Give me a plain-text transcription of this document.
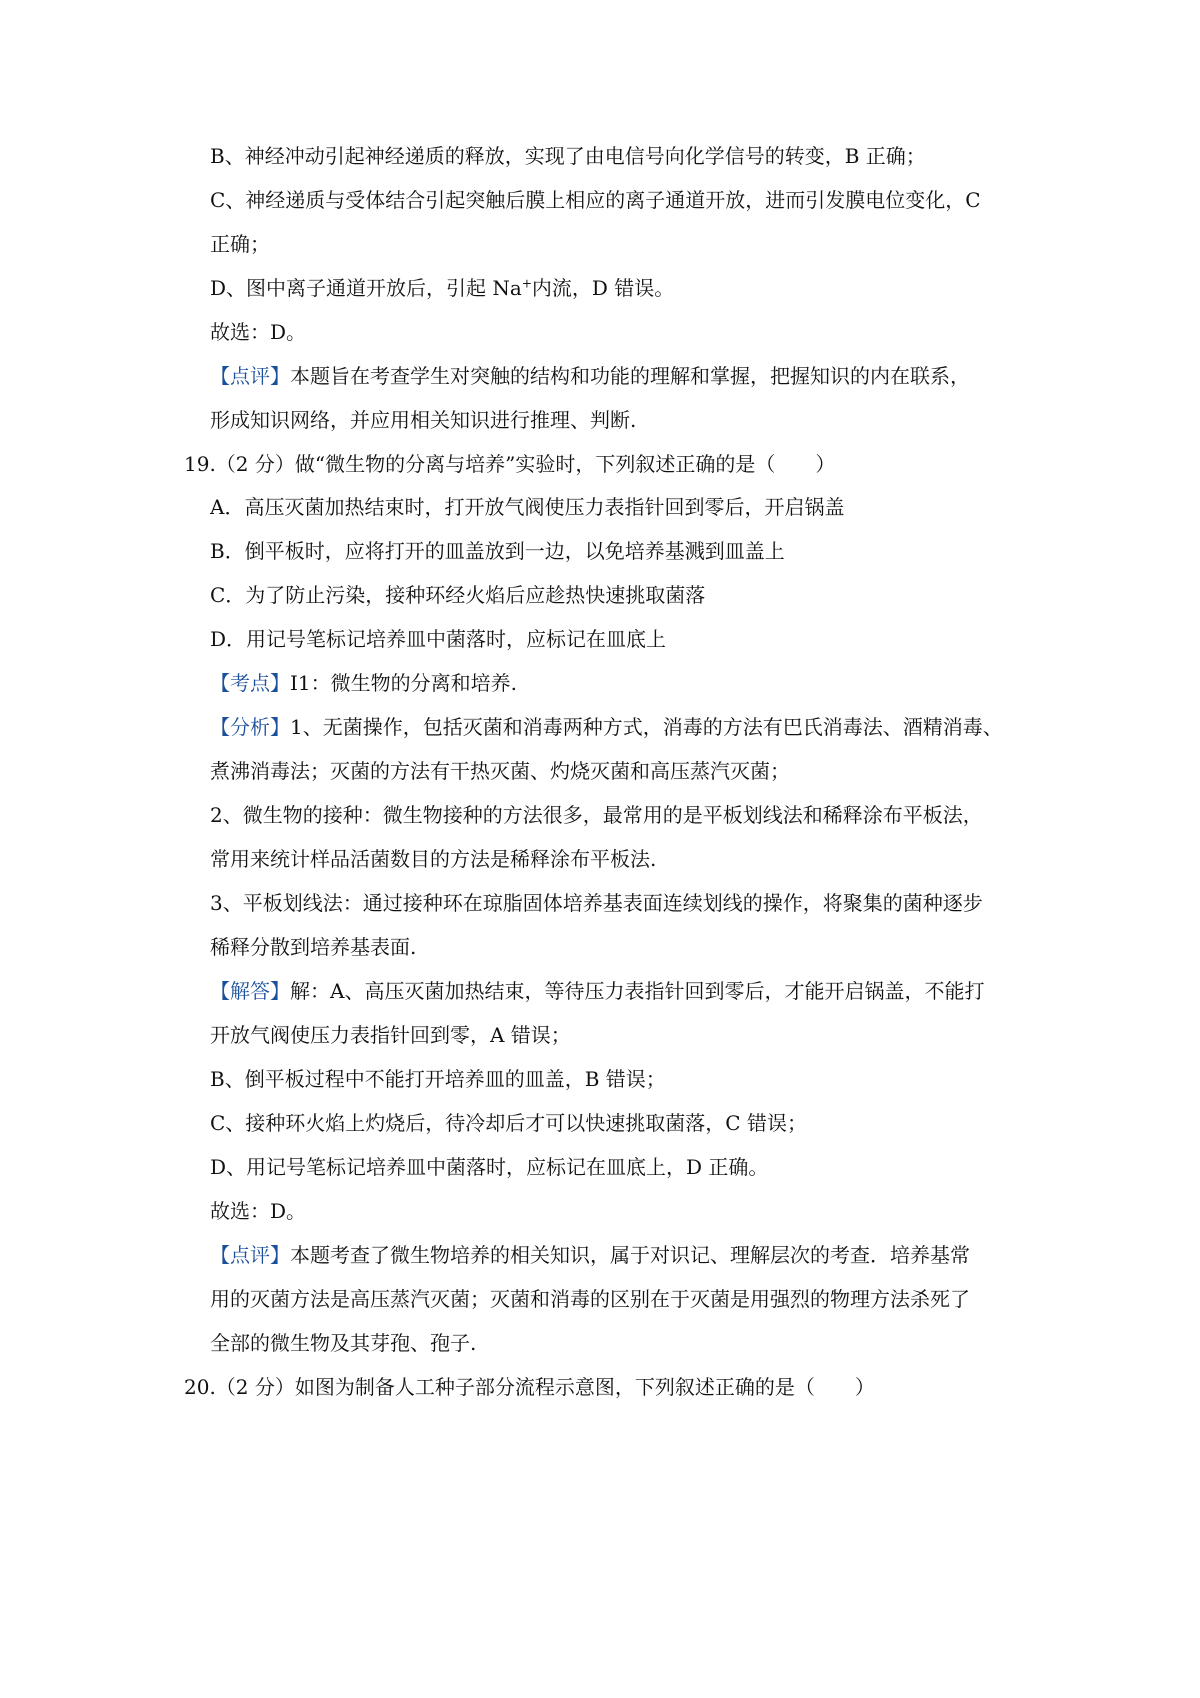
B、神经冲动引起神经递质的释放，实现了由电信号向化学信号的转变，B 正确；
C、神经递质与受体结合引起突触后膜上相应的离子通道开放，进而引发膜电位变化，C
正确；
D、图中离子通道开放后，引起 Na+内流，D 错误。
故选：D。
【点评】本题旨在考查学生对突触的结构和功能的理解和掌握，把握知识的内在联系，
形成知识网络，并应用相关知识进行推理、判断.
19.（2 分）做“微生物的分离与培养”实验时，下列叙述正确的是（　　）
A．高压灭菌加热结束时，打开放气阀使压力表指针回到零后，开启锅盖
B．倒平板时，应将打开的皿盖放到一边，以免培养基溅到皿盖上
C．为了防止污染，接种环经火焰后应趁热快速挑取菌落
D．用记号笔标记培养皿中菌落时，应标记在皿底上
【考点】I1：微生物的分离和培养.
【分析】1、无菌操作，包括灭菌和消毒两种方式，消毒的方法有巴氏消毒法、酒精消毒、
煮沸消毒法；灭菌的方法有干热灭菌、灼烧灭菌和高压蒸汽灭菌；
2、微生物的接种：微生物接种的方法很多，最常用的是平板划线法和稀释涂布平板法，
常用来统计样品活菌数目的方法是稀释涂布平板法.
3、平板划线法：通过接种环在琼脂固体培养基表面连续划线的操作，将聚集的菌种逐步
稀释分散到培养基表面.
【解答】解：A、高压灭菌加热结束，等待压力表指针回到零后，才能开启锅盖，不能打
开放气阀使压力表指针回到零，A 错误；
B、倒平板过程中不能打开培养皿的皿盖，B 错误；
C、接种环火焰上灼烧后，待冷却后才可以快速挑取菌落，C 错误；
D、用记号笔标记培养皿中菌落时，应标记在皿底上，D 正确。
故选：D。
【点评】本题考查了微生物培养的相关知识，属于对识记、理解层次的考查．培养基常
用的灭菌方法是高压蒸汽灭菌；灭菌和消毒的区别在于灭菌是用强烈的物理方法杀死了
全部的微生物及其芽孢、孢子.
20.（2 分）如图为制备人工种子部分流程示意图，下列叙述正确的是（　　）
